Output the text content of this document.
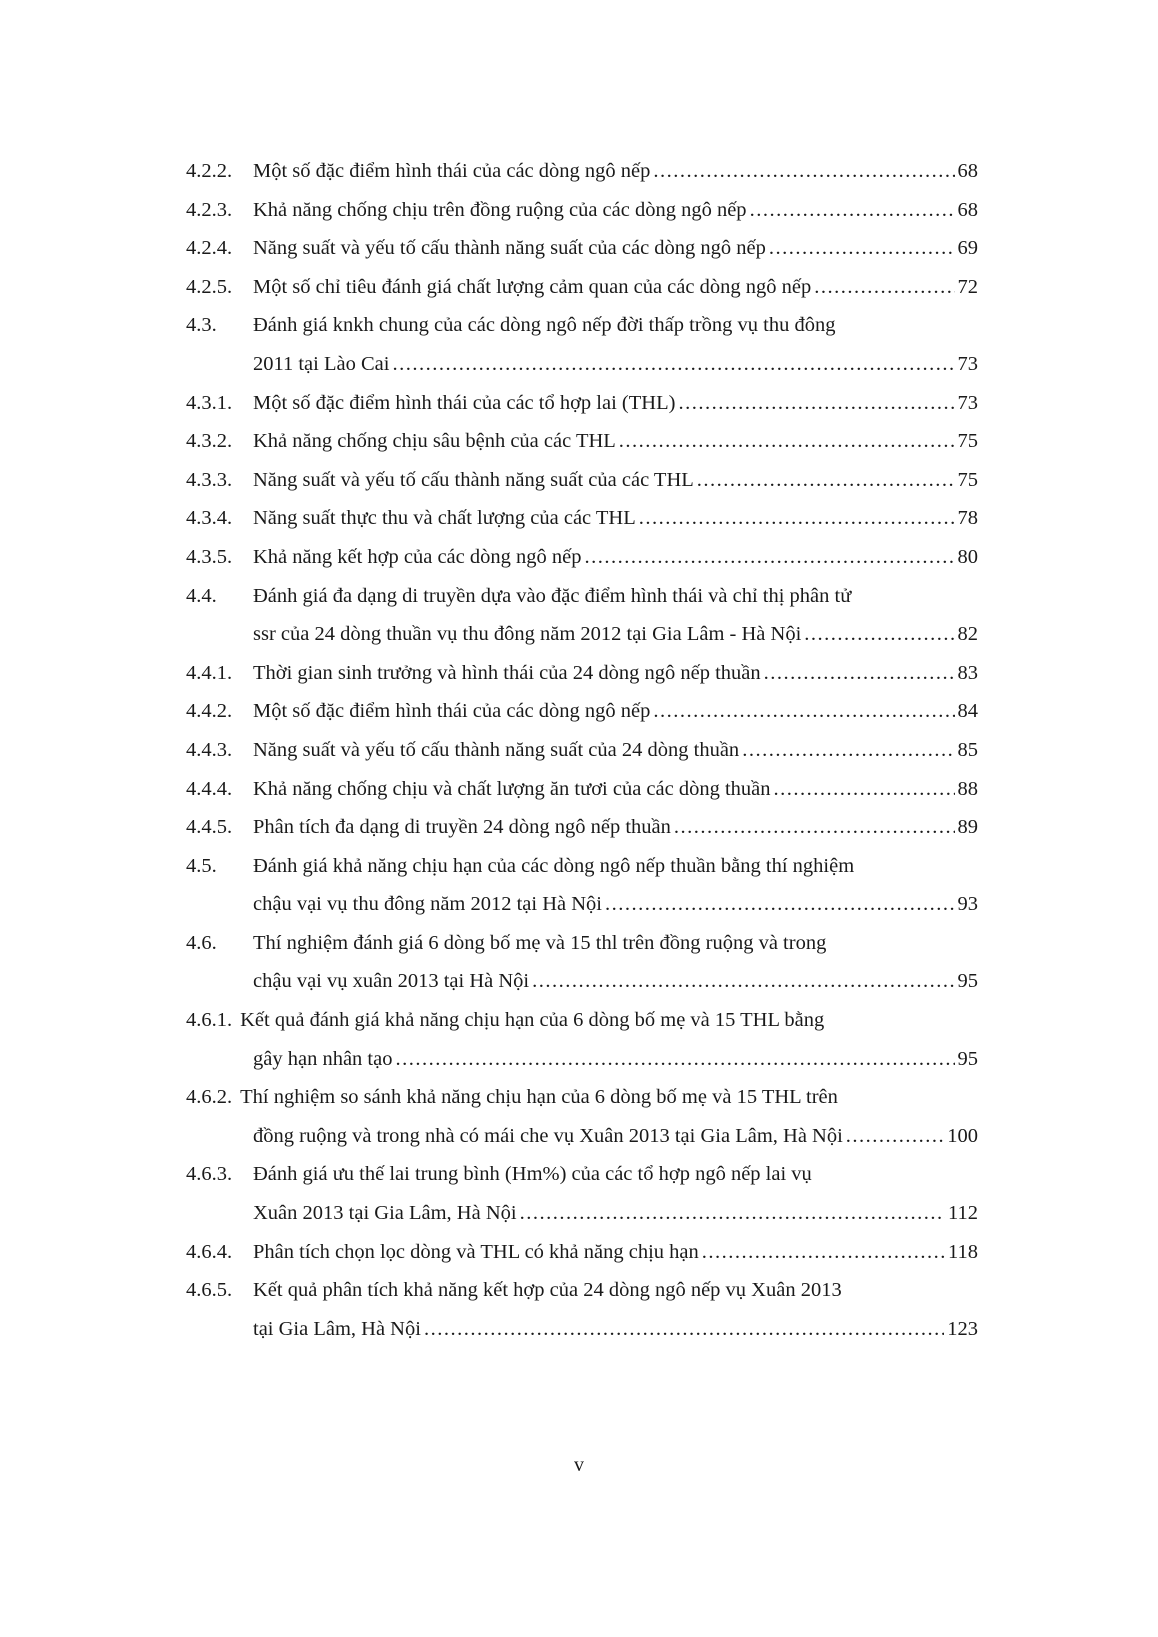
4.2.2. Một số đặc điểm hình thái của các dòng ngô nếp .....	68
4.2.3. Khả năng chống chịu trên đồng ruộng của các dòng ngô nếp .....	68
4.2.4. Năng suất và yếu tố cấu thành năng suất của các dòng ngô nếp .....	69
4.2.5. Một số chỉ tiêu đánh giá chất lượng cảm quan của các dòng ngô nếp .....	72
4.3. Đánh giá knkh chung của các dòng ngô nếp đời thấp trồng vụ thu đông
2011 tại Lào Cai .....	73
4.3.1. Một số đặc điểm hình thái của các tổ hợp lai (THL) .....	73
4.3.2. Khả năng chống chịu sâu bệnh của các THL .....	75
4.3.3. Năng suất và yếu tố cấu thành năng suất của các THL .....	75
4.3.4. Năng suất thực thu và chất lượng của các THL .....	78
4.3.5. Khả năng kết hợp của các dòng ngô nếp .....	80
4.4. Đánh giá đa dạng di truyền dựa vào đặc điểm hình thái và chỉ thị phân tử
ssr của 24 dòng thuần vụ thu đông năm 2012 tại Gia Lâm - Hà Nội .....	82
4.4.1. Thời gian sinh trưởng và hình thái của 24 dòng ngô nếp thuần .....	83
4.4.2. Một số đặc điểm hình thái của các dòng ngô nếp .....	84
4.4.3. Năng suất và yếu tố cấu thành năng suất của 24 dòng thuần .....	85
4.4.4. Khả năng chống chịu và chất lượng ăn tươi của các dòng thuần .....	88
4.4.5. Phân tích đa dạng di truyền 24 dòng ngô nếp thuần .....	89
4.5. Đánh giá khả năng chịu hạn của các dòng ngô nếp thuần bằng thí nghiệm
chậu vại vụ thu đông năm 2012 tại Hà Nội .....	93
4.6. Thí nghiệm đánh giá 6 dòng bố mẹ và 15 thl trên đồng ruộng và trong
chậu vại vụ xuân 2013 tại Hà Nội .....	95
4.6.1. Kết quả đánh giá khả năng chịu hạn của 6 dòng bố mẹ và 15 THL bằng
gây hạn nhân tạo .....	95
4.6.2. Thí nghiệm so sánh khả năng chịu hạn của 6 dòng bố mẹ và 15 THL trên
đồng ruộng và trong nhà có mái che vụ Xuân 2013 tại Gia Lâm, Hà Nội .....	100
4.6.3. Đánh giá ưu thế lai trung bình (Hm%) của các tổ hợp ngô nếp lai vụ
Xuân 2013 tại Gia Lâm, Hà Nội .....	112
4.6.4. Phân tích chọn lọc dòng và THL có khả năng chịu hạn .....	118
4.6.5. Kết quả phân tích khả năng kết hợp của 24 dòng ngô nếp vụ Xuân 2013
tại Gia Lâm, Hà Nội .....	123
v
